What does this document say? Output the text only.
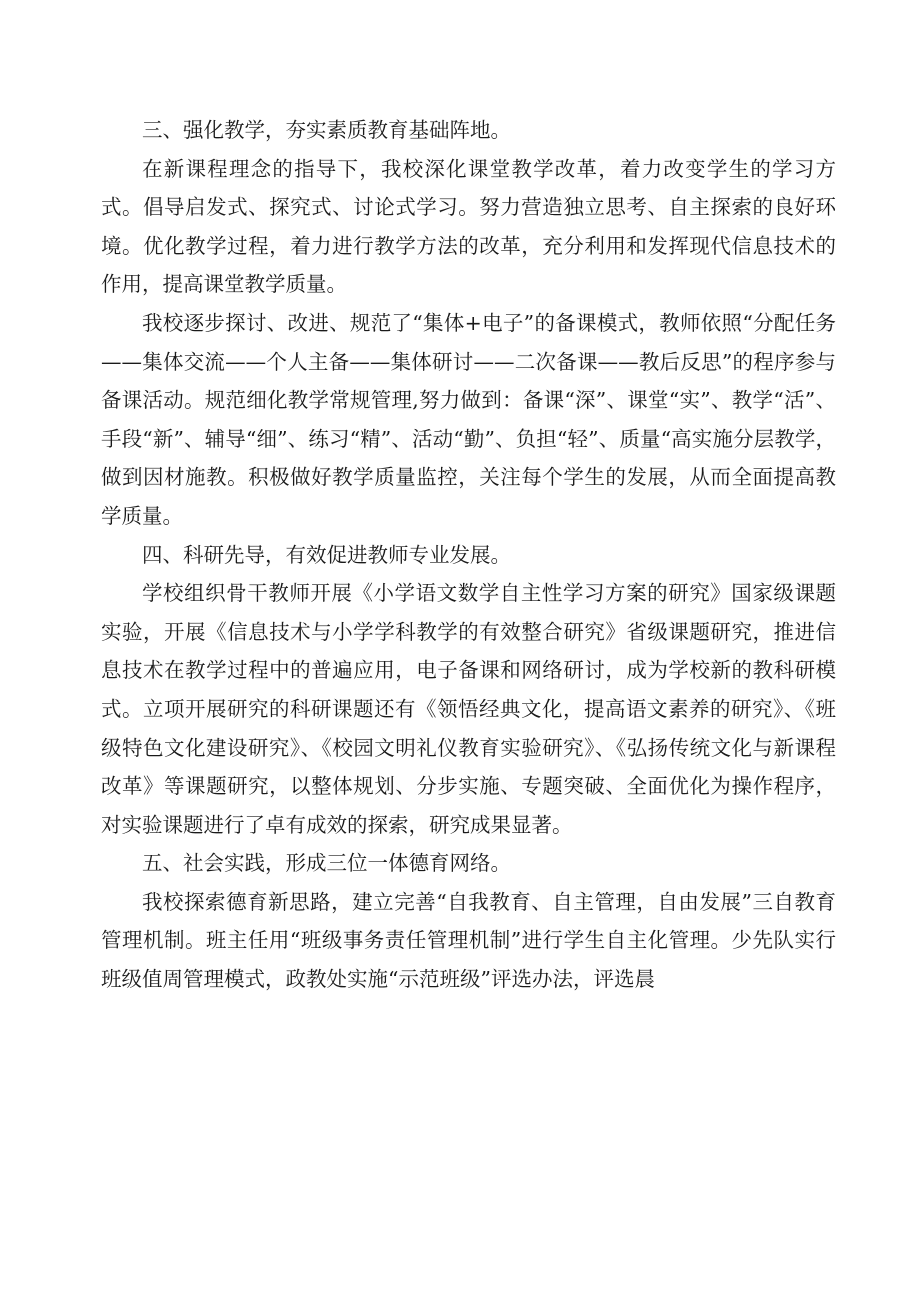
三、强化教学，夯实素质教育基础阵地。

在新课程理念的指导下，我校深化课堂教学改革，着力改变学生的学习方式。倡导启发式、探究式、讨论式学习。努力营造独立思考、自主探索的良好环境。优化教学过程，着力进行教学方法的改革，充分利用和发挥现代信息技术的作用，提高课堂教学质量。

我校逐步探讨、改进、规范了“集体+电子”的备课模式，教师依照“分配任务——集体交流——个人主备——集体研讨——二次备课——教后反思”的程序参与备课活动。规范细化教学常规管理,努力做到：备课“深”、课堂“实”、教学“活”、手段“新”、辅导“细”、练习“精”、活动“勤”、负担“轻”、质量“高实施分层教学，做到因材施教。积极做好教学质量监控，关注每个学生的发展，从而全面提高教学质量。

四、科研先导，有效促进教师专业发展。

学校组织骨干教师开展《小学语文数学自主性学习方案的研究》国家级课题实验，开展《信息技术与小学学科教学的有效整合研究》省级课题研究，推进信息技术在教学过程中的普遍应用，电子备课和网络研讨，成为学校新的教科研模式。立项开展研究的科研课题还有《领悟经典文化，提高语文素养的研究》、《班级特色文化建设研究》、《校园文明礼仪教育实验研究》、《弘扬传统文化与新课程改革》等课题研究，以整体规划、分步实施、专题突破、全面优化为操作程序，对实验课题进行了卓有成效的探索，研究成果显著。

五、社会实践，形成三位一体德育网络。

我校探索德育新思路，建立完善“自我教育、自主管理，自由发展”三自教育管理机制。班主任用“班级事务责任管理机制”进行学生自主化管理。少先队实行班级值周管理模式，政教处实施“示范班级”评选办法，评选晨
